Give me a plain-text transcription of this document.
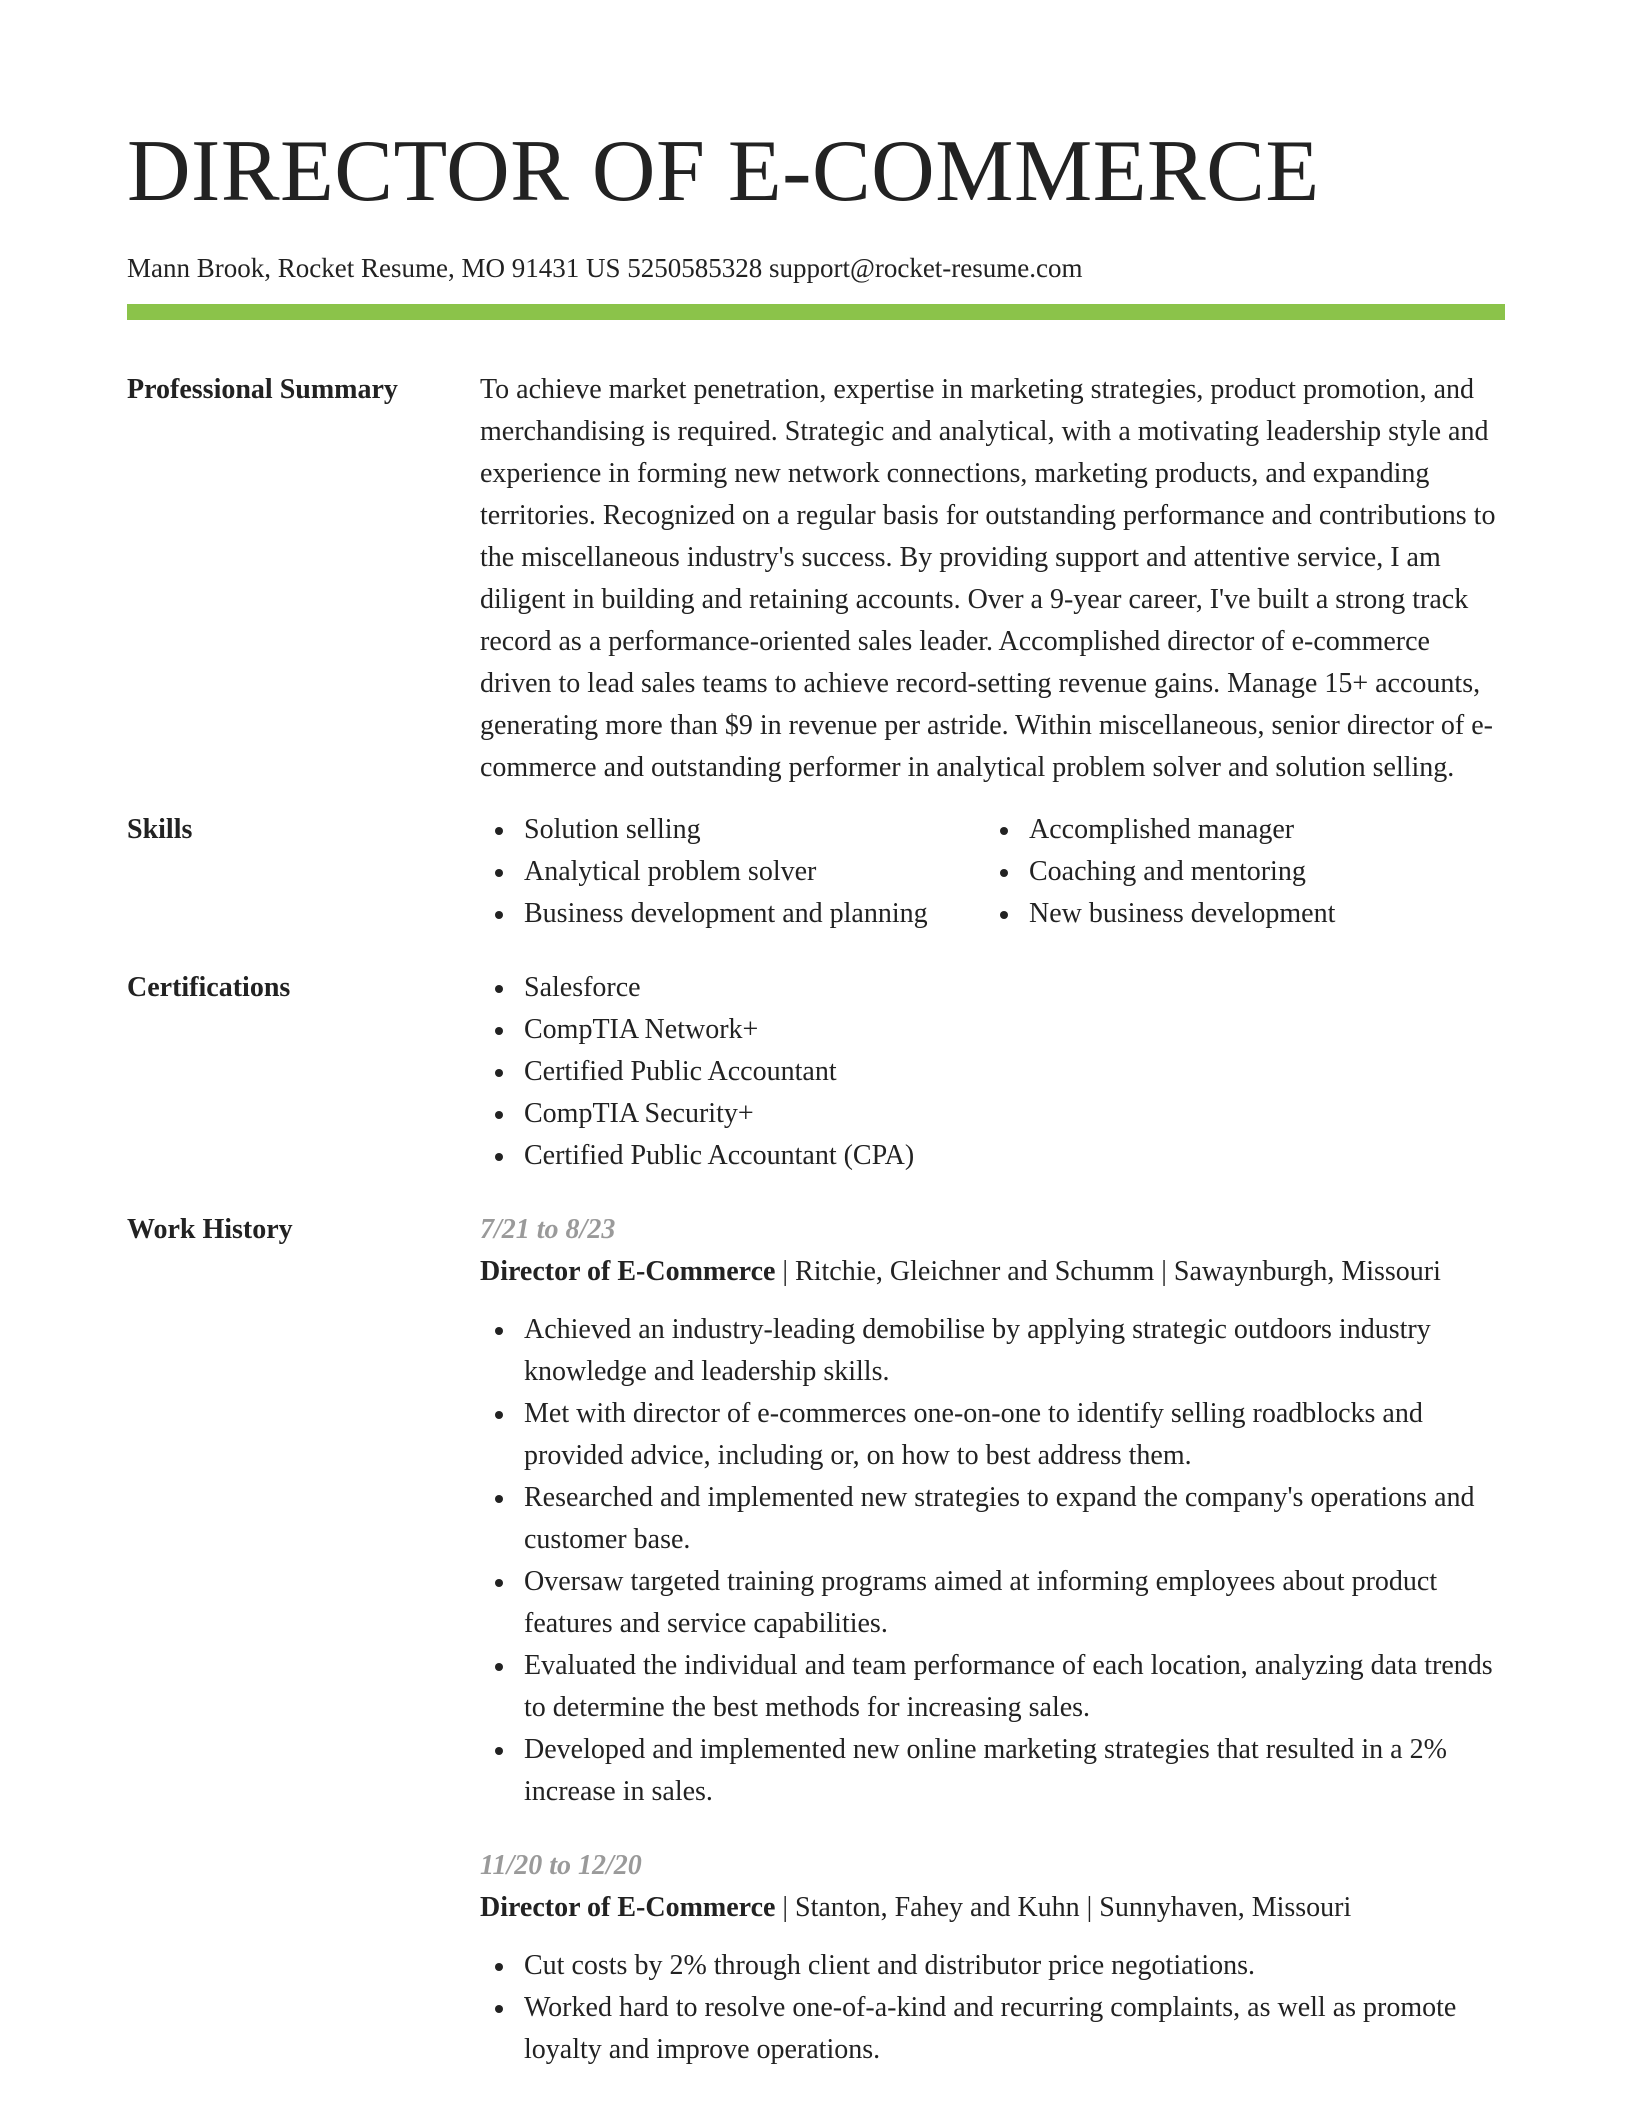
DIRECTOR OF E-COMMERCE
Mann Brook, Rocket Resume, MO 91431 US 5250585328 support@rocket-resume.com
Professional Summary	To achieve market penetration, expertise in marketing strategies, product promotion, and merchandising is required. Strategic and analytical, with a motivating leadership style and experience in forming new network connections, marketing products, and expanding territories. Recognized on a regular basis for outstanding performance and contributions to the miscellaneous industry's success. By providing support and attentive service, I am diligent in building and retaining accounts. Over a 9-year career, I've built a strong track record as a performance-oriented sales leader. Accomplished director of e-commerce driven to lead sales teams to achieve record-setting revenue gains. Manage 15+ accounts, generating more than $9 in revenue per astride. Within miscellaneous, senior director of e-commerce and outstanding performer in analytical problem solver and solution selling.
Skills	Solution selling
Analytical problem solver
Business development and planning
Accomplished manager
Coaching and mentoring
New business development
Certifications	Salesforce
CompTIA Network+
Certified Public Accountant
CompTIA Security+
Certified Public Accountant (CPA)
Work History	7/21 to 8/23
Director of E-Commerce | Ritchie, Gleichner and Schumm | Sawaynburgh, Missouri
Achieved an industry-leading demobilise by applying strategic outdoors industry knowledge and leadership skills.
Met with director of e-commerces one-on-one to identify selling roadblocks and provided advice, including or, on how to best address them.
Researched and implemented new strategies to expand the company's operations and customer base.
Oversaw targeted training programs aimed at informing employees about product features and service capabilities.
Evaluated the individual and team performance of each location, analyzing data trends to determine the best methods for increasing sales.
Developed and implemented new online marketing strategies that resulted in a 2% increase in sales.
11/20 to 12/20
Director of E-Commerce | Stanton, Fahey and Kuhn | Sunnyhaven, Missouri
Cut costs by 2% through client and distributor price negotiations.
Worked hard to resolve one-of-a-kind and recurring complaints, as well as promote loyalty and improve operations.
